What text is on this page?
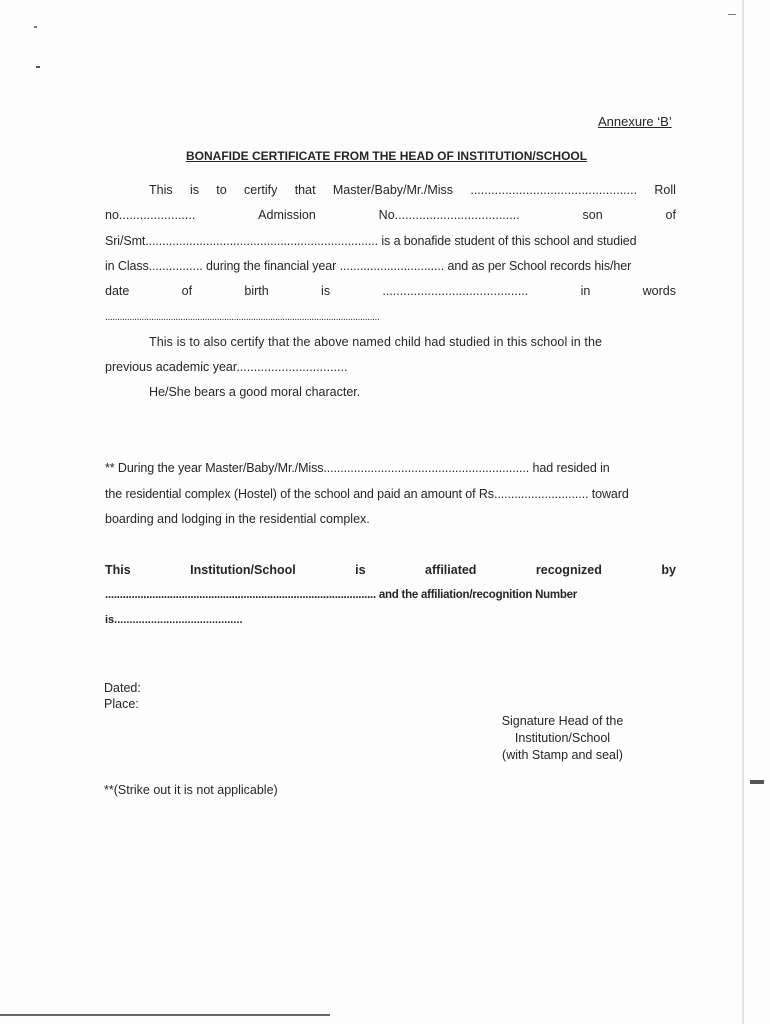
Annexure ‘B’
BONAFIDE CERTIFICATE FROM THE HEAD OF INSTITUTION/SCHOOL
This is to certify that Master/Baby/Mr./Miss ................................................ Roll
no......................	Admission	No....................................	son	of
Sri/Smt..................................................................... is a bonafide student of this school and studied
in Class................ during the financial year ............................... and as per School records his/her
date	of	birth	is	..........................................	in	words
.................................................................................................................
This is to also certify that the above named child had studied in this school in the
previous academic year................................
He/She bears a good moral character.
** During the year Master/Baby/Mr./Miss............................................................. had resided in
the residential complex (Hostel) of the school and paid an amount of Rs............................ toward
boarding and lodging in the residential complex.
This	Institution/School	is	affiliated	recognized	by
............................................................................................ and the affiliation/recognition Number
is..........................................
Dated:
Place:
Signature Head of the
Institution/School
(with Stamp and seal)
**(Strike out it is not applicable)
